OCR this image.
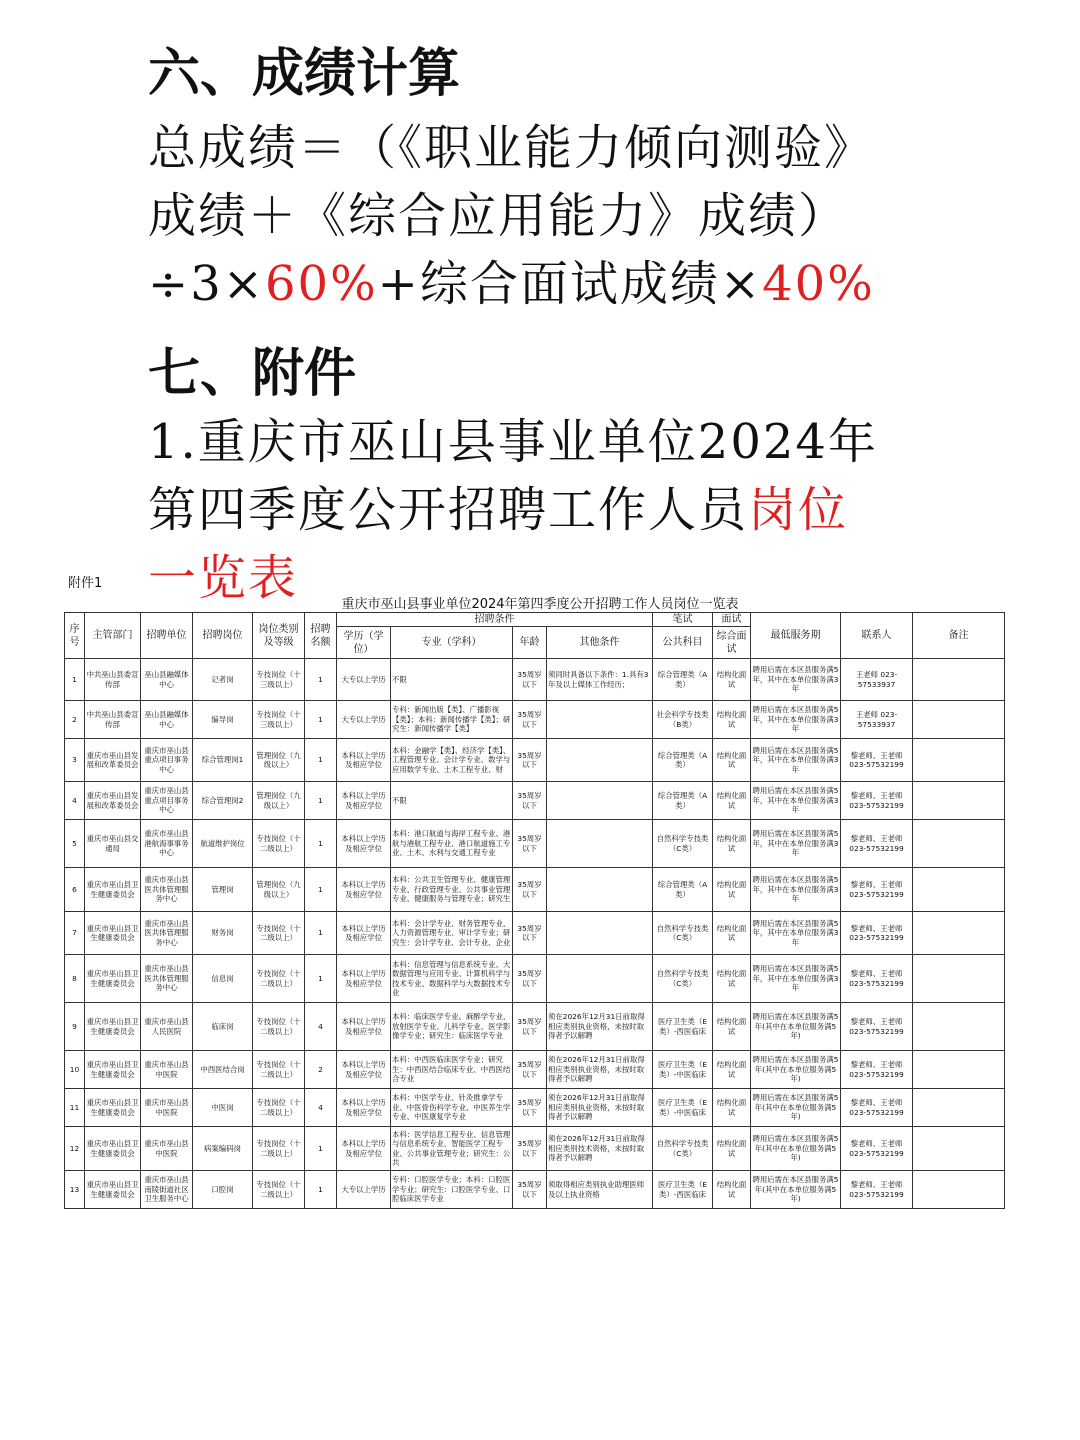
六、成绩计算
总成绩＝（《职业能力倾向测验》
成绩＋《综合应用能力》成绩）
÷3×60%+综合面试成绩×40%
七、附件
1.重庆市巫山县事业单位2024年
第四季度公开招聘工作人员岗位
一览表
附件1
重庆市巫山县事业单位2024年第四季度公开招聘工作人员岗位一览表
序号	主管部门	招聘单位	招聘岗位	岗位类别及等级	招聘名额	招聘条件				笔试	面试	最低服务期	联系人	备注
						学历（学位）	专业（学科）	年龄	其他条件	公共科目	综合面试			

1	中共巫山县委宣传部	巫山县融媒体中心	记者岗	专技岗位（十三级以上）	1	大专以上学历	不限	35周岁以下	须同时具备以下条件：1.具有3年及以上媒体工作经历；	综合管理类（A类）	结构化面试	聘用后需在本区县服务满5年，其中在本单位服务满3年	王老师 023-57533937	

2	中共巫山县委宣传部	巫山县融媒体中心	编导岗	专技岗位（十三级以上）	1	大专以上学历	专科：新闻出版【类】、广播影视【类】；本科：新闻传播学【类】；研究生：新闻传播学【类】	35周岁以下		社会科学专技类（B类）	结构化面试	聘用后需在本区县服务满5年，其中在本单位服务满3年	王老师 023-57533937	

3	重庆市巫山县发展和改革委员会	重庆市巫山县重点项目事务中心	综合管理岗1	管理岗位（九级以上）	1	本科以上学历及相应学位	本科：金融学【类】、经济学【类】、工程管理专业、会计学专业、数学与应用数学专业、土木工程专业、财	35周岁以下		综合管理类（A类）	结构化面试	聘用后需在本区县服务满5年，其中在本单位服务满3年	黎老师、王老师 023-57532199	

4	重庆市巫山县发展和改革委员会	重庆市巫山县重点项目事务中心	综合管理岗2	管理岗位（九级以上）	1	本科以上学历及相应学位	不限	35周岁以下		综合管理类（A类）	结构化面试	聘用后需在本区县服务满5年，其中在本单位服务满3年	黎老师、王老师 023-57532199	

5	重庆市巫山县交通局	重庆市巫山县港航海事事务中心	航道维护岗位	专技岗位（十二级以上）	1	本科以上学历及相应学位	本科：港口航道与海岸工程专业、港航与港航工程专业、港口航道施工专业、土木、水利与交通工程专业	35周岁以下		自然科学专技类（C类）	结构化面试	聘用后需在本区县服务满5年，其中在本单位服务满3年	黎老师、王老师 023-57532199	

6	重庆市巫山县卫生健康委员会	重庆市巫山县医共体管理服务中心	管理岗	管理岗位（九级以上）	1	本科以上学历及相应学位	本科：公共卫生管理专业、健康管理专业、行政管理专业、公共事业管理专业、健康服务与管理专业；研究生	35周岁以下		综合管理类（A类）	结构化面试	聘用后需在本区县服务满5年，其中在本单位服务满3年	黎老师、王老师 023-57532199	

7	重庆市巫山县卫生健康委员会	重庆市巫山县医共体管理服务中心	财务岗	专技岗位（十二级以上）	1	本科以上学历及相应学位	本科：会计学专业、财务管理专业、人力资源管理专业、审计学专业；研究生：会计学专业、会计专业、企业	35周岁以下		自然科学专技类（C类）	结构化面试	聘用后需在本区县服务满5年，其中在本单位服务满3年	黎老师、王老师 023-57532199	

8	重庆市巫山县卫生健康委员会	重庆市巫山县医共体管理服务中心	信息岗	专技岗位（十二级以上）	1	本科以上学历及相应学位	本科：信息管理与信息系统专业、大数据管理与应用专业、计算机科学与技术专业、数据科学与大数据技术专业	35周岁以下		自然科学专技类（C类）	结构化面试	聘用后需在本区县服务满5年，其中在本单位服务满3年	黎老师、王老师 023-57532199	

9	重庆市巫山县卫生健康委员会	重庆市巫山县人民医院	临床岗	专技岗位（十二级以上）	4	本科以上学历及相应学位	本科：临床医学专业、麻醉学专业、放射医学专业、儿科学专业、医学影像学专业；研究生：临床医学专业	35周岁以下	须在2026年12月31日前取得相应类别执业资格，未按时取得者予以解聘	医疗卫生类（E类）-西医临床	结构化面试	聘用后需在本区县服务满5年(其中在本单位服务满5年)	黎老师、王老师 023-57532199	

10	重庆市巫山县卫生健康委员会	重庆市巫山县中医院	中西医结合岗	专技岗位（十二级以上）	2	本科以上学历及相应学位	本科：中西医临床医学专业；研究生：中西医结合临床专业、中西医结合专业	35周岁以下	须在2026年12月31日前取得相应类别执业资格，未按时取得者予以解聘	医疗卫生类（E类）-中医临床	结构化面试	聘用后需在本区县服务满5年(其中在本单位服务满5年)	黎老师、王老师 023-57532199	

11	重庆市巫山县卫生健康委员会	重庆市巫山县中医院	中医岗	专技岗位（十二级以上）	4	本科以上学历及相应学位	本科：中医学专业、针灸推拿学专业、中医骨伤科学专业、中医养生学专业、中医康复学专业	35周岁以下	须在2026年12月31日前取得相应类别执业资格，未按时取得者予以解聘	医疗卫生类（E类）-中医临床	结构化面试	聘用后需在本区县服务满5年(其中在本单位服务满5年)	黎老师、王老师 023-57532199	

12	重庆市巫山县卫生健康委员会	重庆市巫山县中医院	病案编码岗	专技岗位（十二级以上）	1	本科以上学历及相应学位	本科：医学信息工程专业、信息管理与信息系统专业、智能医学工程专业、公共事业管理专业；研究生：公共	35周岁以下	须在2026年12月31日前取得相应类别技术资格，未按时取得者予以解聘	自然科学专技类（C类）	结构化面试	聘用后需在本区县服务满5年(其中在本单位服务满5年)	黎老师、王老师 023-57532199	

13	重庆市巫山县卫生健康委员会	重庆市巫山县南陵街道社区卫生服务中心	口腔岗	专技岗位（十二级以上）	1	大专以上学历	专科：口腔医学专业；本科：口腔医学专业；研究生：口腔医学专业、口腔临床医学专业	35周岁以下	须取得相应类别执业助理医师及以上执业资格	医疗卫生类（E类）-西医临床	结构化面试	聘用后需在本区县服务满5年(其中在本单位服务满5年)	黎老师、王老师 023-57532199	
